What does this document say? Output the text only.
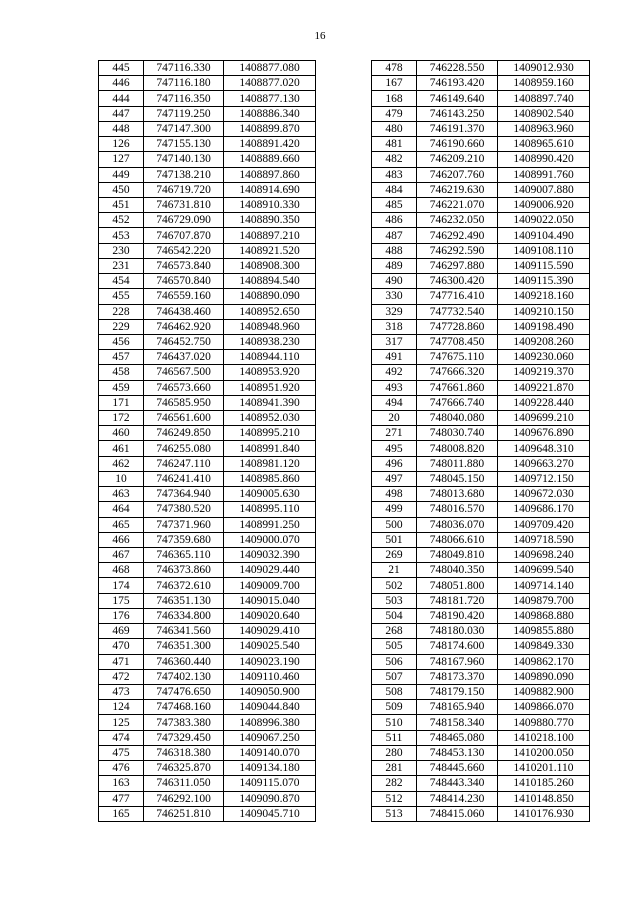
16
445	747116.330	1408877.080
446	747116.180	1408877.020
444	747116.350	1408877.130
447	747119.250	1408886.340
448	747147.300	1408899.870
126	747155.130	1408891.420
127	747140.130	1408889.660
449	747138.210	1408897.860
450	746719.720	1408914.690
451	746731.810	1408910.330
452	746729.090	1408890.350
453	746707.870	1408897.210
230	746542.220	1408921.520
231	746573.840	1408908.300
454	746570.840	1408894.540
455	746559.160	1408890.090
228	746438.460	1408952.650
229	746462.920	1408948.960
456	746452.750	1408938.230
457	746437.020	1408944.110
458	746567.500	1408953.920
459	746573.660	1408951.920
171	746585.950	1408941.390
172	746561.600	1408952.030
460	746249.850	1408995.210
461	746255.080	1408991.840
462	746247.110	1408981.120
10	746241.410	1408985.860
463	747364.940	1409005.630
464	747380.520	1408995.110
465	747371.960	1408991.250
466	747359.680	1409000.070
467	746365.110	1409032.390
468	746373.860	1409029.440
174	746372.610	1409009.700
175	746351.130	1409015.040
176	746334.800	1409020.640
469	746341.560	1409029.410
470	746351.300	1409025.540
471	746360.440	1409023.190
472	747402.130	1409110.460
473	747476.650	1409050.900
124	747468.160	1409044.840
125	747383.380	1408996.380
474	747329.450	1409067.250
475	746318.380	1409140.070
476	746325.870	1409134.180
163	746311.050	1409115.070
477	746292.100	1409090.870
165	746251.810	1409045.710
478	746228.550	1409012.930
167	746193.420	1408959.160
168	746149.640	1408897.740
479	746143.250	1408902.540
480	746191.370	1408963.960
481	746190.660	1408965.610
482	746209.210	1408990.420
483	746207.760	1408991.760
484	746219.630	1409007.880
485	746221.070	1409006.920
486	746232.050	1409022.050
487	746292.490	1409104.490
488	746292.590	1409108.110
489	746297.880	1409115.590
490	746300.420	1409115.390
330	747716.410	1409218.160
329	747732.540	1409210.150
318	747728.860	1409198.490
317	747708.450	1409208.260
491	747675.110	1409230.060
492	747666.320	1409219.370
493	747661.860	1409221.870
494	747666.740	1409228.440
20	748040.080	1409699.210
271	748030.740	1409676.890
495	748008.820	1409648.310
496	748011.880	1409663.270
497	748045.150	1409712.150
498	748013.680	1409672.030
499	748016.570	1409686.170
500	748036.070	1409709.420
501	748066.610	1409718.590
269	748049.810	1409698.240
21	748040.350	1409699.540
502	748051.800	1409714.140
503	748181.720	1409879.700
504	748190.420	1409868.880
268	748180.030	1409855.880
505	748174.600	1409849.330
506	748167.960	1409862.170
507	748173.370	1409890.090
508	748179.150	1409882.900
509	748165.940	1409866.070
510	748158.340	1409880.770
511	748465.080	1410218.100
280	748453.130	1410200.050
281	748445.660	1410201.110
282	748443.340	1410185.260
512	748414.230	1410148.850
513	748415.060	1410176.930
